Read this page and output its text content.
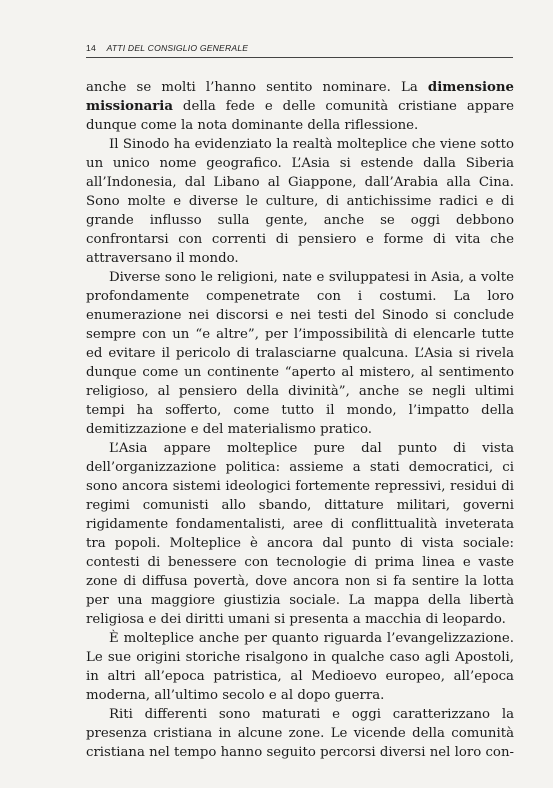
14 ATTI DEL CONSIGLIO GENERALE

anche se molti l’hanno sentito nominare. La dimensione missionaria della fede e delle comunità cristiane appare dunque come la nota dominante della riflessione.

Il Sinodo ha evidenziato la realtà molteplice che viene sotto un unico nome geografico. L’Asia si estende dalla Siberia all’Indonesia, dal Libano al Giappone, dall’Arabia alla Cina. Sono molte e diverse le culture, di antichissime radici e di grande influsso sulla gente, anche se oggi debbono confrontarsi con correnti di pensiero e forme di vita che attraversano il mondo.

Diverse sono le religioni, nate e sviluppatesi in Asia, a volte profondamente compenetrate con i costumi. La loro enumerazione nei discorsi e nei testi del Sinodo si conclude sempre con un “e altre”, per l’impossibilità di elencarle tutte ed evitare il pericolo di tralasciarne qualcuna. L’Asia si rivela dunque come un continente “aperto al mistero, al sentimento religioso, al pensiero della divinità”, anche se negli ultimi tempi ha sofferto, come tutto il mondo, l’impatto della demitizzazione e del materialismo pratico.

L’Asia appare molteplice pure dal punto di vista dell’organizzazione politica: assieme a stati democratici, ci sono ancora sistemi ideologici fortemente repressivi, residui di regimi comunisti allo sbando, dittature militari, governi rigidamente fondamentalisti, aree di conflittualità inveterata tra popoli. Molteplice è ancora dal punto di vista sociale: contesti di benessere con tecnologie di prima linea e vaste zone di diffusa povertà, dove ancora non si fa sentire la lotta per una maggiore giustizia sociale. La mappa della libertà religiosa e dei diritti umani si presenta a macchia di leopardo.

È molteplice anche per quanto riguarda l’evangelizzazione. Le sue origini storiche risalgono in qualche caso agli Apostoli, in altri all’epoca patristica, al Medioevo europeo, all’epoca moderna, all’ultimo secolo e al dopo guerra.

Riti differenti sono maturati e oggi caratterizzano la presenza cristiana in alcune zone. Le vicende della comunità cristiana nel tempo hanno seguito percorsi diversi nel loro con-
